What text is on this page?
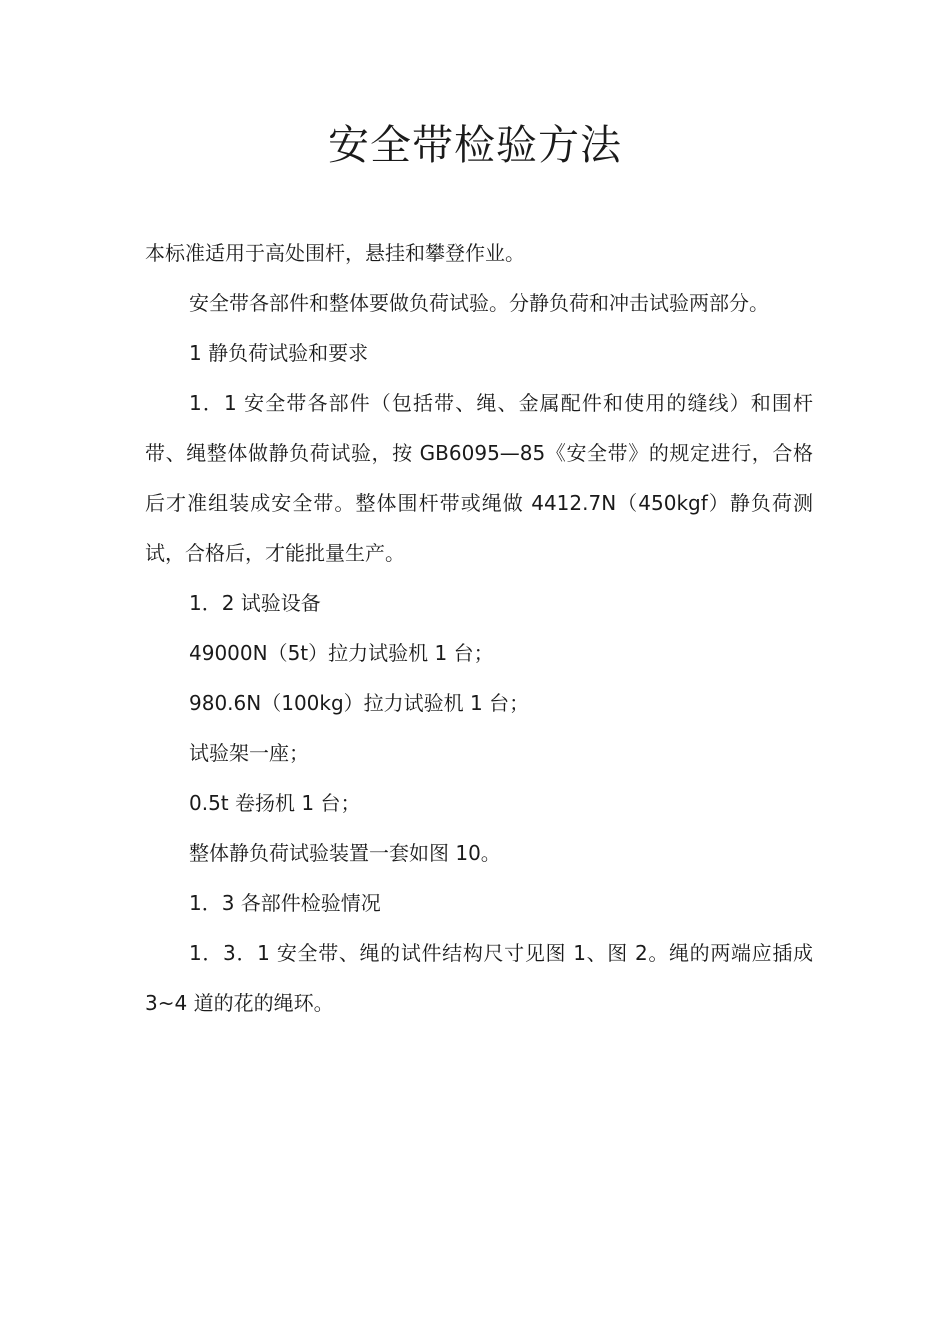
安全带检验方法

本标准适用于高处围杆，悬挂和攀登作业。

安全带各部件和整体要做负荷试验。分静负荷和冲击试验两部分。

1 静负荷试验和要求

1．1 安全带各部件（包括带、绳、金属配件和使用的缝线）和围杆带、绳整体做静负荷试验，按 GB6095—85《安全带》的规定进行，合格后才准组装成安全带。整体围杆带或绳做 4412.7N（450kgf）静负荷测试，合格后，才能批量生产。

1．2 试验设备

49000N（5t）拉力试验机 1 台；

980.6N（100kg）拉力试验机 1 台；

试验架一座；

0.5t 卷扬机 1 台；

整体静负荷试验装置一套如图 10。

1．3 各部件检验情况

1．3．1 安全带、绳的试件结构尺寸见图 1、图 2。绳的两端应插成 3~4 道的花的绳环。
